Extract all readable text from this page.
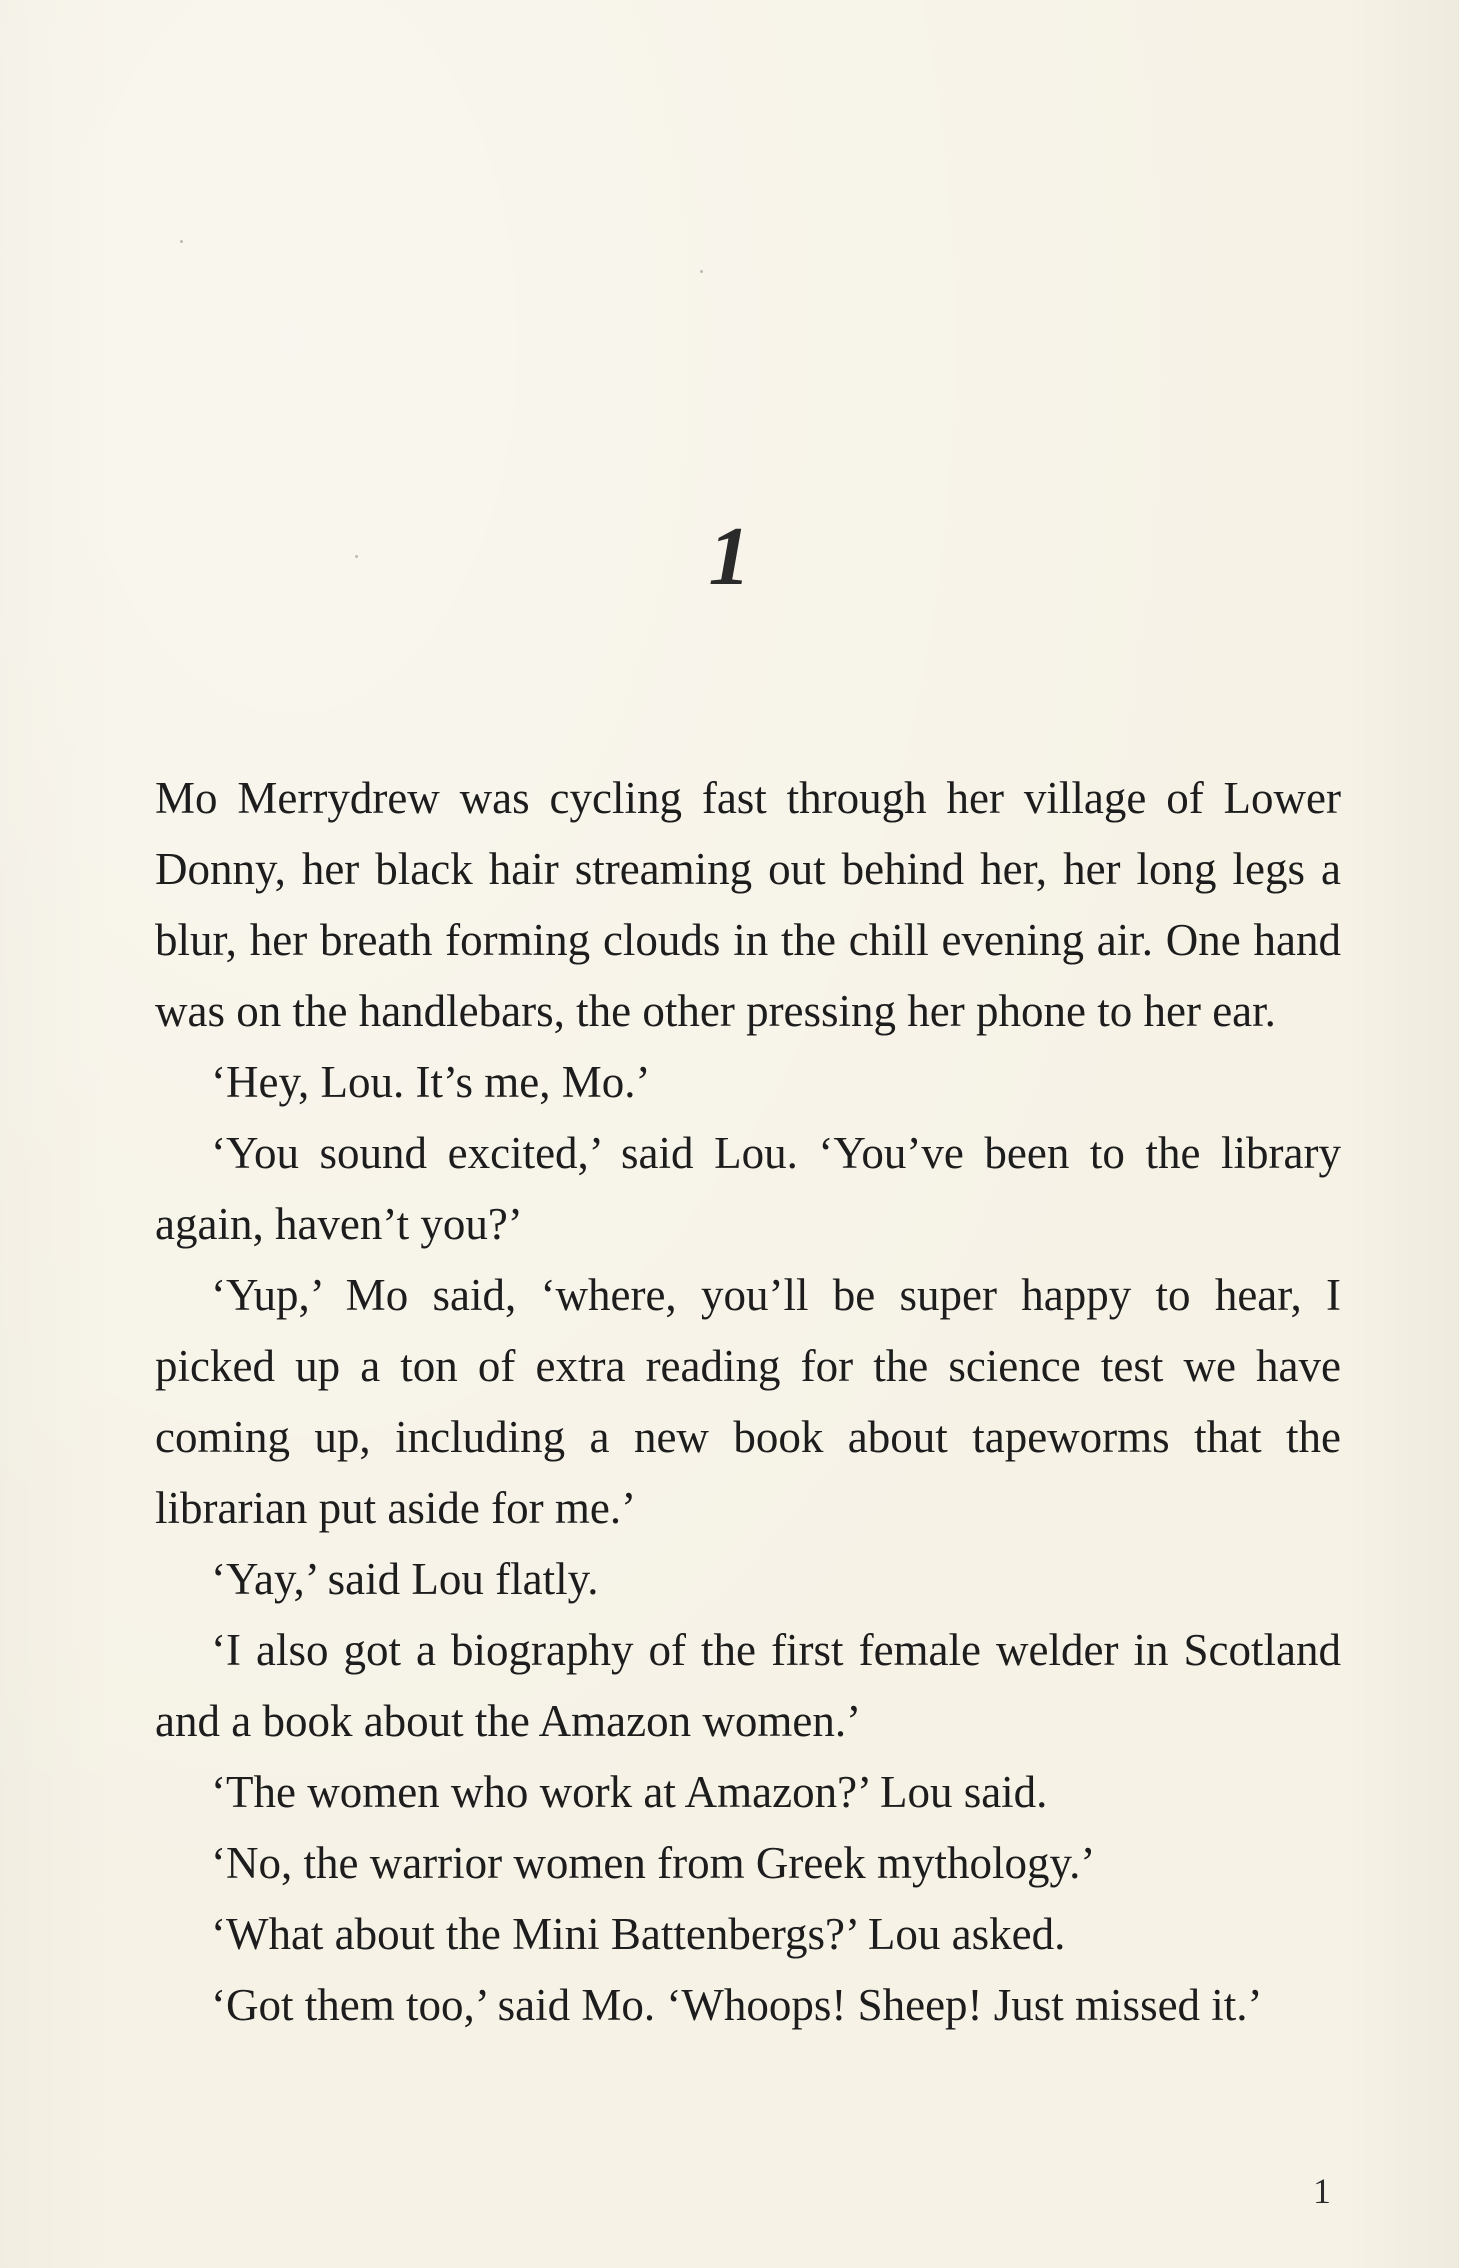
1

Mo Merrydrew was cycling fast through her village of Lower Donny, her black hair streaming out behind her, her long legs a blur, her breath forming clouds in the chill evening air. One hand was on the handlebars, the other pressing her phone to her ear.

‘Hey, Lou. It’s me, Mo.’

‘You sound excited,’ said Lou. ‘You’ve been to the library again, haven’t you?’

‘Yup,’ Mo said, ‘where, you’ll be super happy to hear, I picked up a ton of extra reading for the science test we have coming up, including a new book about tapeworms that the librarian put aside for me.’

‘Yay,’ said Lou flatly.

‘I also got a biography of the first female welder in Scotland and a book about the Amazon women.’

‘The women who work at Amazon?’ Lou said.

‘No, the warrior women from Greek mythology.’

‘What about the Mini Battenbergs?’ Lou asked.

‘Got them too,’ said Mo. ‘Whoops! Sheep! Just missed it.’

1
